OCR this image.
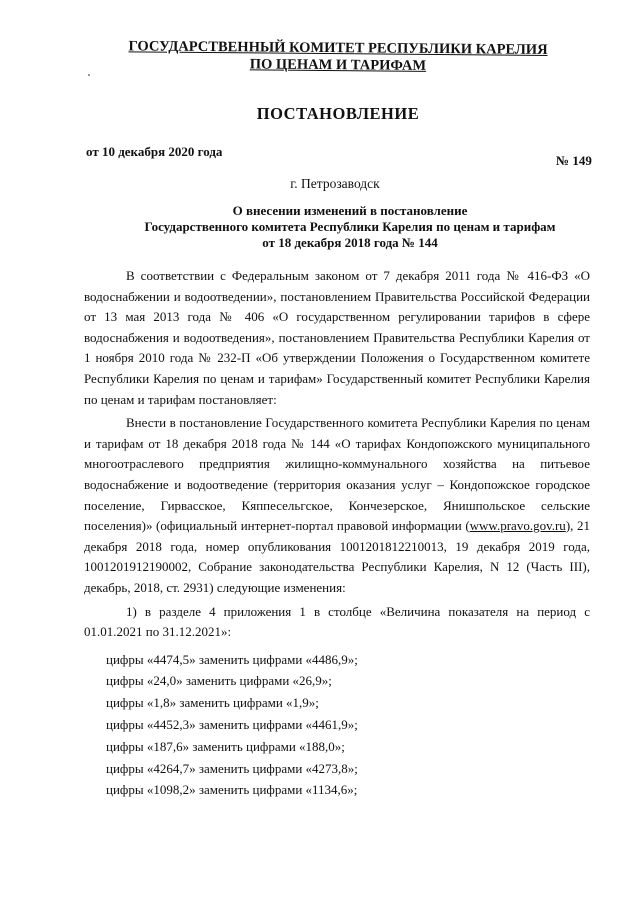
ГОСУДАРСТВЕННЫЙ КОМИТЕТ РЕСПУБЛИКИ КАРЕЛИЯ
ПО ЦЕНАМ И ТАРИФАМ
ПОСТАНОВЛЕНИЕ
от 10 декабря 2020 года
№ 149
г. Петрозаводск
О внесении изменений в постановление
Государственного комитета Республики Карелия по ценам и тарифам
от 18 декабря 2018 года № 144

В соответствии с Федеральным законом от 7 декабря 2011 года № 416-ФЗ «О водоснабжении и водоотведении», постановлением Правительства Российской Федерации от 13 мая 2013 года № 406 «О государственном регулировании тарифов в сфере водоснабжения и водоотведения», постановлением Правительства Республики Карелия от 1 ноября 2010 года № 232-П «Об утверждении Положения о Государственном комитете Республики Карелия по ценам и тарифам» Государственный комитет Республики Карелия по ценам и тарифам постановляет:

Внести в постановление Государственного комитета Республики Карелия по ценам и тарифам от 18 декабря 2018 года № 144 «О тарифах Кондопожского муниципального многоотраслевого предприятия жилищно-коммунального хозяйства на питьевое водоснабжение и водоотведение (территория оказания услуг – Кондопожское городское поселение, Гирвасское, Кяппесельгское, Кончезерское, Янишпольское сельские поселения)» (официальный интернет-портал правовой информации (www.pravo.gov.ru), 21 декабря 2018 года, номер опубликования 1001201812210013, 19 декабря 2019 года, 1001201912190002, Собрание законодательства Республики Карелия, N 12 (Часть III), декабрь, 2018, ст. 2931) следующие изменения:

1) в разделе 4 приложения 1 в столбце «Величина показателя на период с 01.01.2021 по 31.12.2021»:

цифры «4474,5» заменить цифрами «4486,9»;
цифры «24,0» заменить цифрами «26,9»;
цифры «1,8» заменить цифрами «1,9»;
цифры «4452,3» заменить цифрами «4461,9»;
цифры «187,6» заменить цифрами «188,0»;
цифры «4264,7» заменить цифрами «4273,8»;
цифры «1098,2» заменить цифрами «1134,6»;
